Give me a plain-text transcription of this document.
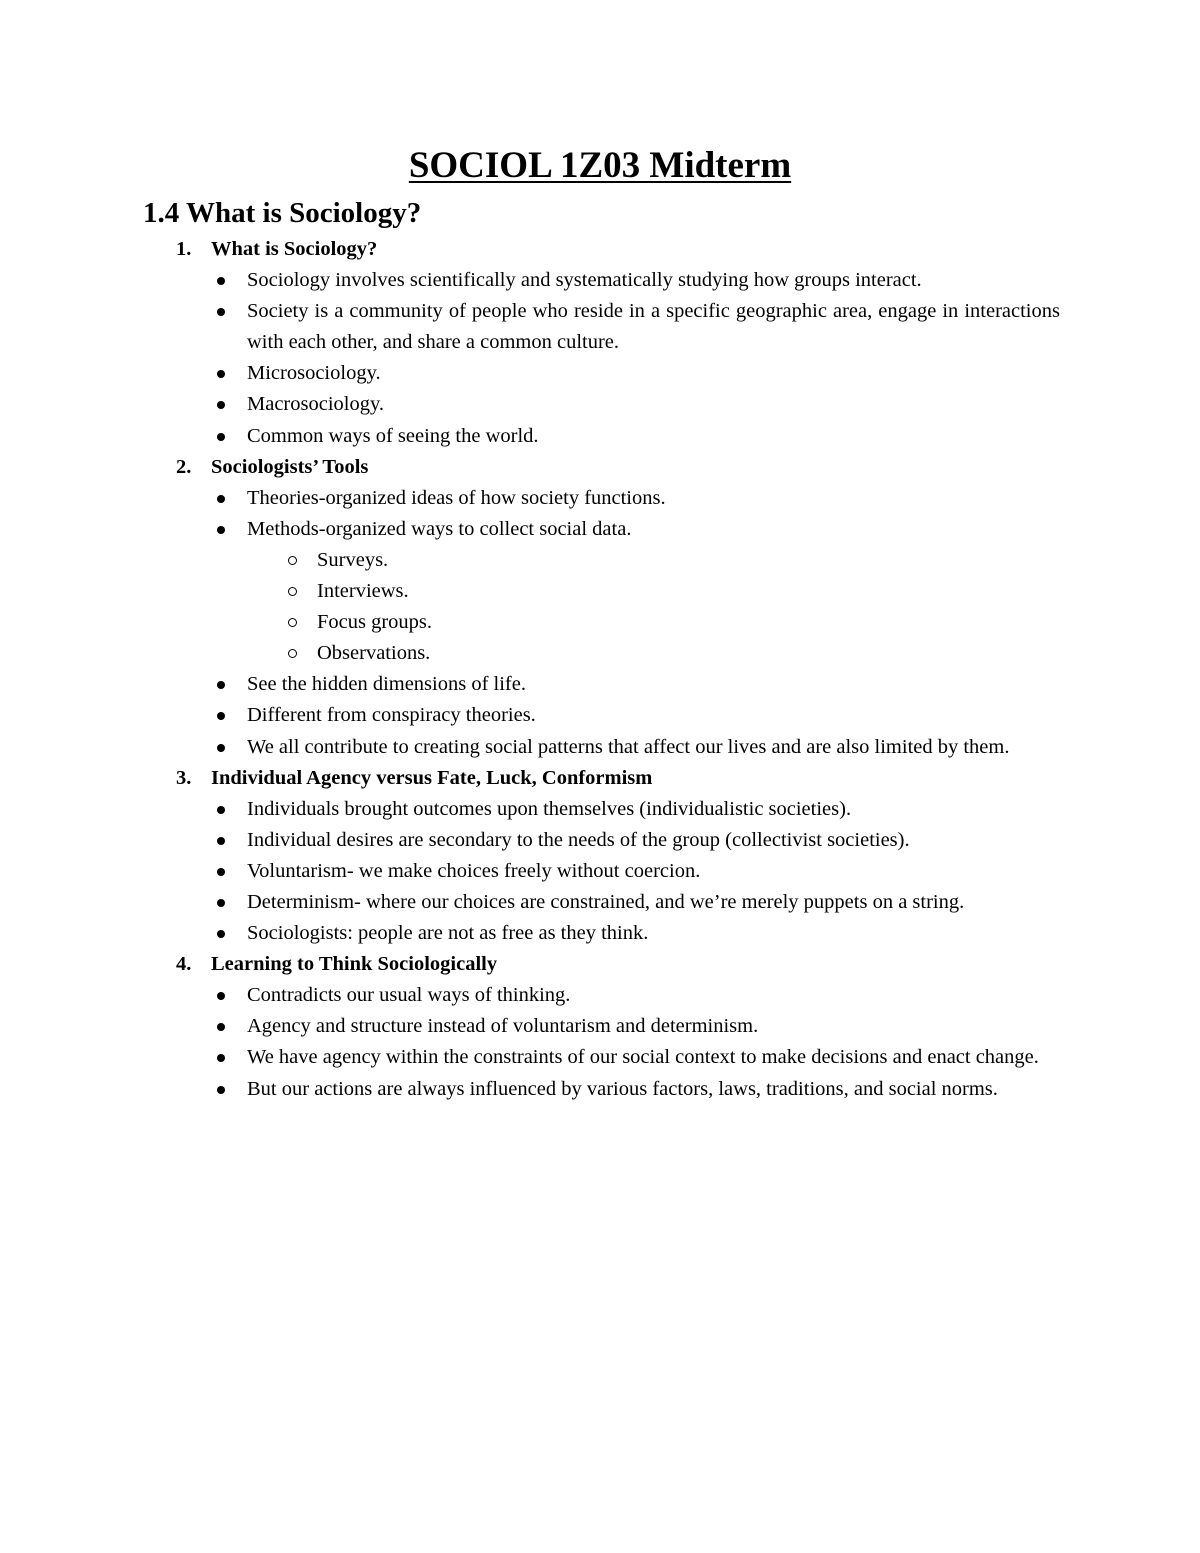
SOCIOL 1Z03 Midterm
1.4 What is Sociology?
1. What is Sociology?
Sociology involves scientifically and systematically studying how groups interact.
Society is a community of people who reside in a specific geographic area, engage in interactions with each other, and share a common culture.
Microsociology.
Macrosociology.
Common ways of seeing the world.
2. Sociologists’ Tools
Theories-organized ideas of how society functions.
Methods-organized ways to collect social data.
Surveys.
Interviews.
Focus groups.
Observations.
See the hidden dimensions of life.
Different from conspiracy theories.
We all contribute to creating social patterns that affect our lives and are also limited by them.
3. Individual Agency versus Fate, Luck, Conformism
Individuals brought outcomes upon themselves (individualistic societies).
Individual desires are secondary to the needs of the group (collectivist societies).
Voluntarism- we make choices freely without coercion.
Determinism- where our choices are constrained, and we’re merely puppets on a string.
Sociologists: people are not as free as they think.
4. Learning to Think Sociologically
Contradicts our usual ways of thinking.
Agency and structure instead of voluntarism and determinism.
We have agency within the constraints of our social context to make decisions and enact change.
But our actions are always influenced by various factors, laws, traditions, and social norms.
